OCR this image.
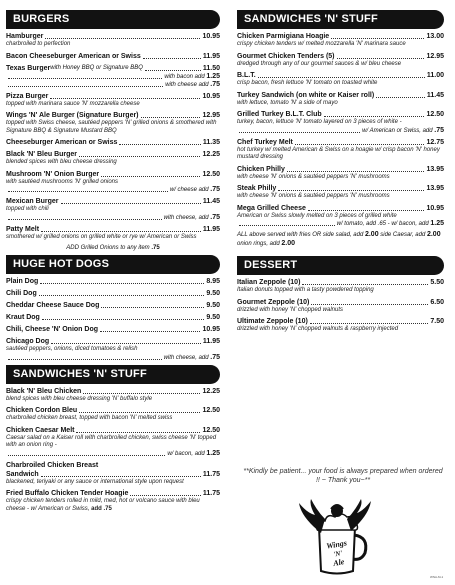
BURGERS
Hamburger	10.95
charbroiled to perfection
Bacon Cheeseburger American or Swiss	11.95
Texas Burger with Honey BBQ or Signature BBQ	11.50
with bacon add
1.25
with cheese add
.75
Pizza Burger	10.95
topped with marinara sauce 'N' mozzarella cheese
Wings 'N' Ale Burger (Signature Burger)	12.95
topped with Swiss cheese, sautéed peppers 'N' grilled onions & smothered with Signature BBQ & Signature Mustard BBQ
Cheeseburger American or Swiss	11.35
Black 'N' Bleu Burger	12.25
blended spices with bleu cheese dressing
Mushroom 'N' Onion Burger	12.50
with sautéed mushrooms 'N' grilled onions
w/ cheese add
.75
Mexican Burger	11.45
topped with chili
with cheese, add
.75
Patty Melt	11.95
smothered w/ grilled onions on grilled white or rye w/ American or Swiss
ADD Grilled Onions to any item .75
HUGE HOT DOGS
Plain Dog	8.95
Chili Dog	9.50
Cheddar Cheese Sauce Dog	9.50
Kraut Dog	9.50
Chili, Cheese 'N' Onion Dog	10.95
Chicago Dog	11.95
sautéed peppers, onions, diced tomatoes & relish
with cheese, add
.75
SANDWICHES 'N' STUFF
Black 'N' Bleu Chicken	12.25
blend spices with bleu cheese dressing 'N' buffalo style
Chicken Cordon Bleu	12.50
charbroiled chicken breast, topped with bacon 'N' melted swiss
Chicken Caesar Melt	12.50
Caesar salad on a Kaiser roll with charbroiled chicken, swiss cheese 'N' topped with an onion ring -
w/ bacon, add
1.25
Charbroiled Chicken Breast
Sandwich	11.75
blackened, teriyaki or any sauce or international style upon request
Fried Buffalo Chicken Tender Hoagie	11.75
crispy chicken tenders rolled in mild, med, hot or volcano sauce with bleu cheese - w/ American or Swiss, add .75
SANDWICHES 'N' STUFF
Chicken Parmigiana Hoagie	13.00
crispy chicken tenders w/ melted mozzarella 'N' marinara sauce
Gourmet Chicken Tenders (5)	12.95
dredged through any of our gourmet sauces & w/ bleu cheese
B.L.T.	11.00
crisp bacon, fresh lettuce 'N' tomato on toasted white
Turkey Sandwich (on white or Kaiser roll)	11.45
with lettuce, tomato 'N' a side of mayo
Grilled Turkey B.L.T. Club	12.50
turkey, bacon, lettuce 'N' tomato layered on 3 pieces of white -
w/ American or Swiss, add
.75
Chef Turkey Melt	12.75
hot turkey w/ melted American & Swiss on a hoagie w/ crisp bacon 'N' honey mustard dressing
Chicken Philly	13.95
with cheese 'N' onions & sautéed peppers 'N' mushrooms
Steak Philly	13.95
with cheese 'N' onions & sautéed peppers 'N' mushrooms
Mega Grilled Cheese	10.95
American or Swiss slowly melted on 3 pieces of grilled white
w/ tomato, add .65 - w/ bacon, add
1.25
ALL above served with fries OR side salad, add 2.00 side Caesar, add 2.00 onion rings, add 2.00
DESSERT
Italian Zeppole (10)	5.50
Italian donuts topped with a tasty powdered topping
Gourmet Zeppole (10)	6.50
drizzled with honey 'N' chopped walnuts
Ultimate Zeppole (10)	7.50
drizzled with honey 'N' chopped walnuts & raspberry injected
**Kindly be patient... your food is always prepared when ordered !! ~ Thank you~**
Wings
'N'
Ale
WNA-M-1
